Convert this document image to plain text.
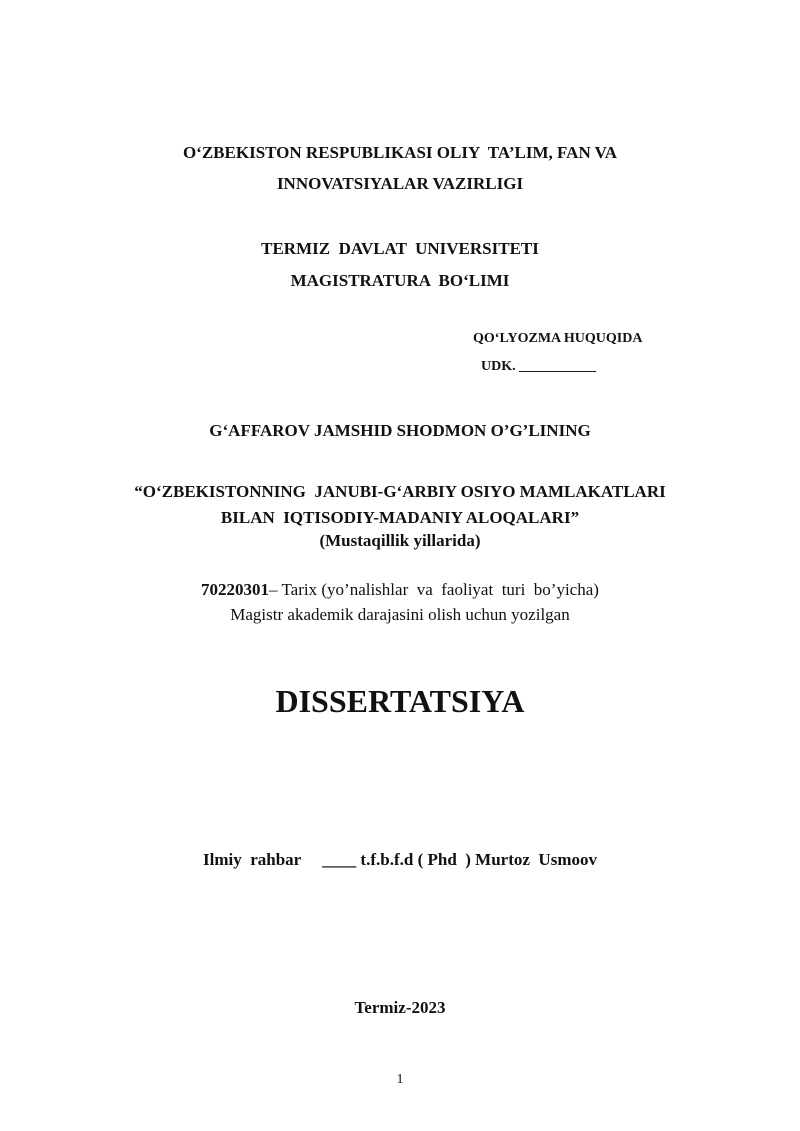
O‘ZBEKISTON RESPUBLIKASI OLIY  TA’LIM, FAN VA
INNOVATSIYALAR VAZIRLIGI
TERMIZ  DAVLAT  UNIVERSITETI
MAGISTRATURA  BO‘LIMI
QO‘LYOZMA HUQUQIDA
UDK. ___________
G‘AFFAROV JAMSHID SHODMON O’G’LINING
“O‘ZBEKISTONNING  JANUBI-G‘ARBIY OSIYO MAMLAKATLARI
BILAN  IQTISODIY-MADANIY ALOQALARI”
(Mustaqillik yillarida)
70220301– Tarix (yo’nalishlar  va  faoliyat  turi  bo’yicha)
Magistr akademik darajasini olish uchun yozilgan
DISSERTATSIYA
Ilmiy  rahbar ____ t.f.b.f.d ( Phd  ) Murtoz  Usmoov
Termiz-2023
1
